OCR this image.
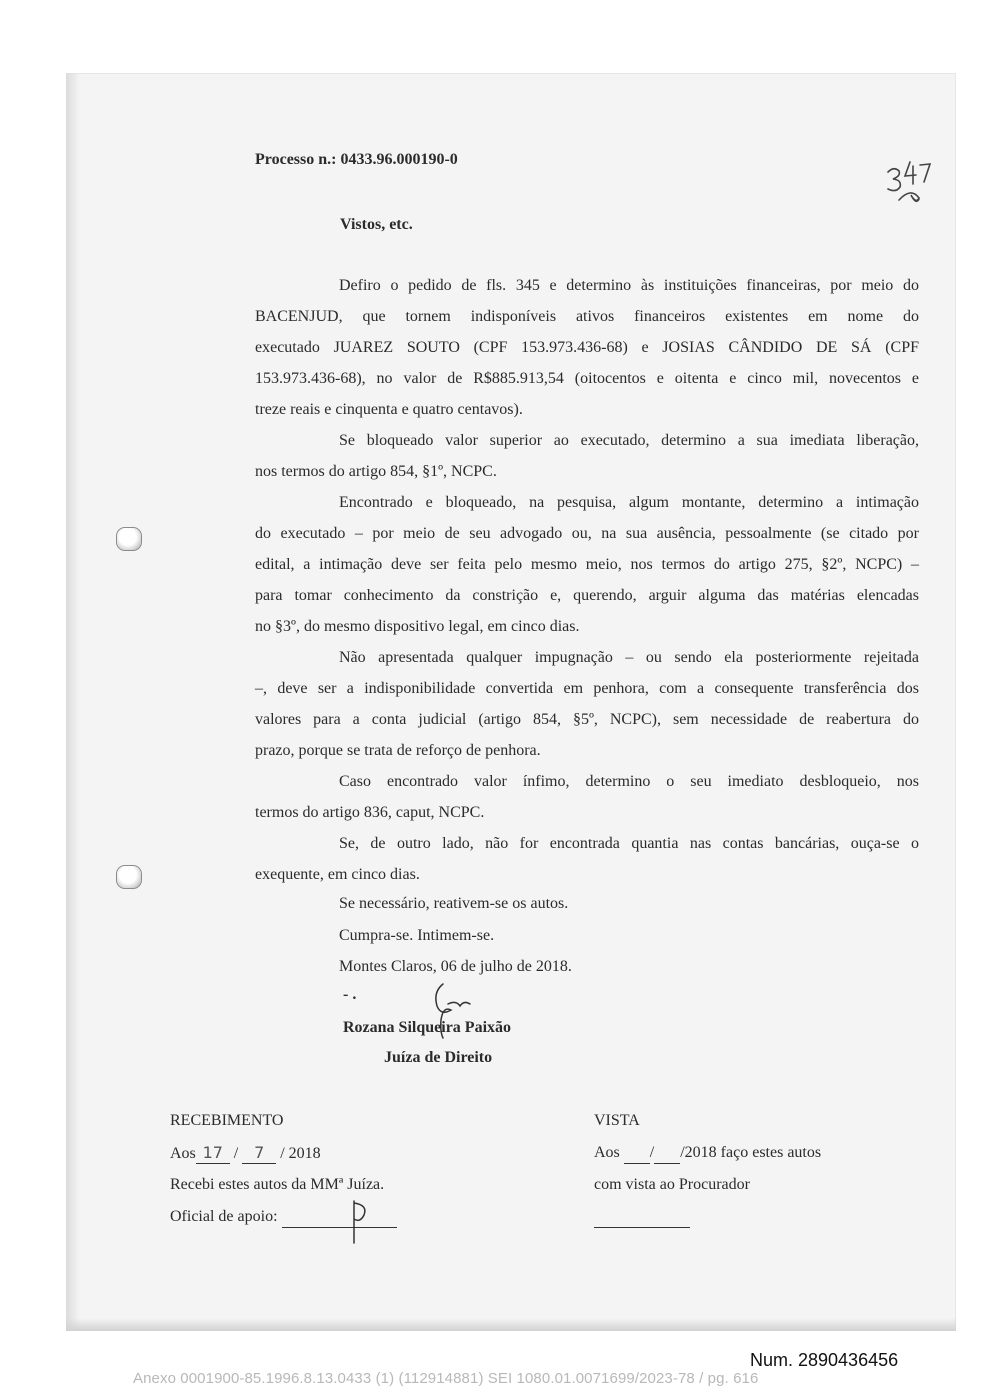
Processo n.: 0433.96.000190-0
Vistos, etc.
Defiro o pedido de fls. 345 e determino às instituições financeiras, por meio do
BACENJUD, que tornem indisponíveis ativos financeiros existentes em nome do
executado JUAREZ SOUTO (CPF 153.973.436-68) e JOSIAS CÂNDIDO DE SÁ (CPF
153.973.436-68), no valor de R$885.913,54 (oitocentos e oitenta e cinco mil, novecentos e
treze reais e cinquenta e quatro centavos).
Se bloqueado valor superior ao executado, determino a sua imediata liberação,
nos termos do artigo 854, §1º, NCPC.
Encontrado e bloqueado, na pesquisa, algum montante, determino a intimação
do executado – por meio de seu advogado ou, na sua ausência, pessoalmente (se citado por
edital, a intimação deve ser feita pelo mesmo meio, nos termos do artigo 275, §2º, NCPC) –
para tomar conhecimento da constrição e, querendo, arguir alguma das matérias elencadas
no §3º, do mesmo dispositivo legal, em cinco dias.
Não apresentada qualquer impugnação – ou sendo ela posteriormente rejeitada
–, deve ser a indisponibilidade convertida em penhora, com a consequente transferência dos
valores para a conta judicial (artigo 854, §5º, NCPC), sem necessidade de reabertura do
prazo, porque se trata de reforço de penhora.
Caso encontrado valor ínfimo, determino o seu imediato desbloqueio, nos
termos do artigo 836, caput, NCPC.
Se, de outro lado, não for encontrada quantia nas contas bancárias, ouça-se o
exequente, em cinco dias.
Se necessário, reativem-se os autos.
Cumpra-se. Intimem-se.
Montes Claros, 06 de julho de 2018.
- .
Rozana Silqueira Paixão
Juíza de Direito
RECEBIMENTO
Aos 17 / 7 / 2018
Recebi estes autos da MMª Juíza.
Oficial de apoio:
VISTA
Aos / /2018 faço estes autos
com vista ao Procurador

Num. 2890436456
Anexo 0001900-85.1996.8.13.0433 (1) (112914881) SEI 1080.01.0071699/2023-78 / pg. 616
